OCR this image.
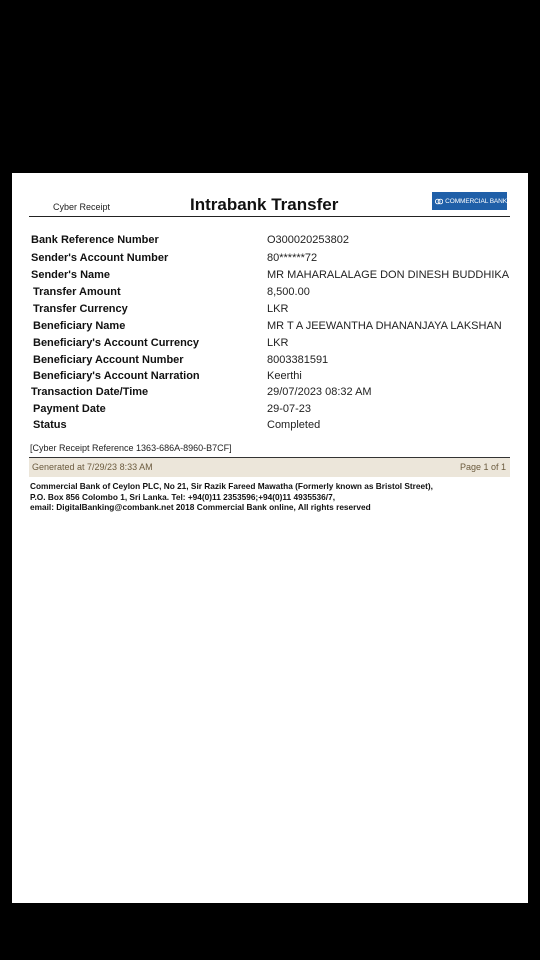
Cyber Receipt	Intrabank Transfer	COMMERCIAL BANK
Bank Reference Number	O300020253802
Sender's Account Number	80******72
Sender's Name	MR MAHARALALAGE DON DINESH BUDDHIKA
Transfer Amount	8,500.00
Transfer Currency	LKR
Beneficiary Name	MR T A JEEWANTHA DHANANJAYA LAKSHAN
Beneficiary's Account Currency	LKR
Beneficiary Account Number	8003381591
Beneficiary's Account Narration	Keerthi
Transaction Date/Time	29/07/2023 08:32 AM
Payment Date	29-07-23
Status	Completed
[Cyber Receipt Reference 1363-686A-8960-B7CF]
Generated at 7/29/23 8:33 AM	Page 1 of 1
Commercial Bank of Ceylon PLC, No 21, Sir Razik Fareed Mawatha (Formerly known as Bristol Street),
P.O. Box 856 Colombo 1, Sri Lanka. Tel: +94(0)11 2353596;+94(0)11 4935536/7,
email: DigitalBanking@combank.net 2018 Commercial Bank online, All rights reserved
